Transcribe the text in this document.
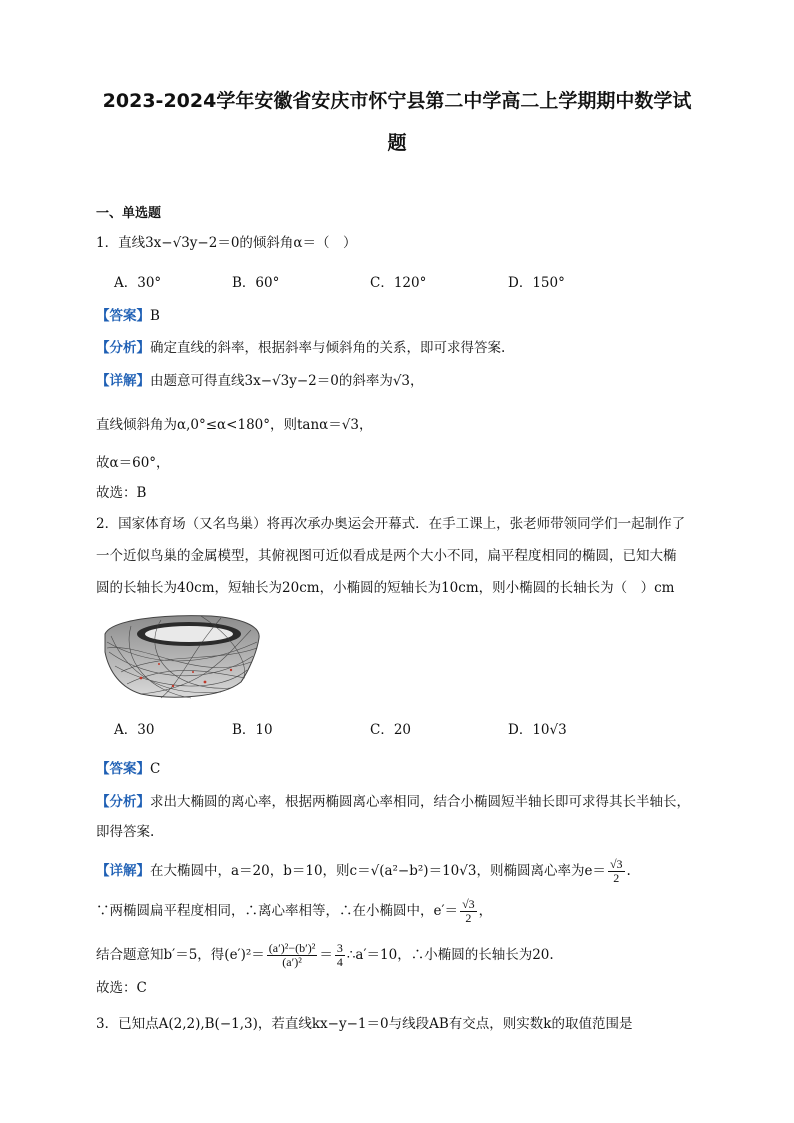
2023-2024学年安徽省安庆市怀宁县第二中学高二上学期期中数学试
题
一、单选题
1．直线3x−√3y−2＝0的倾斜角α＝（　）
A．30°	B．60°	C．120°	D．150°
【答案】B
【分析】确定直线的斜率，根据斜率与倾斜角的关系，即可求得答案.
【详解】由题意可得直线3x−√3y−2＝0的斜率为√3，
直线倾斜角为α,0°≤α<180°，则tanα＝√3，
故α＝60°，
故选：B
2．国家体育场（又名鸟巢）将再次承办奥运会开幕式．在手工课上，张老师带领同学们一起制作了
一个近似鸟巢的金属模型，其俯视图可近似看成是两个大小不同，扁平程度相同的椭圆，已知大椭
圆的长轴长为40cm，短轴长为20cm，小椭圆的短轴长为10cm，则小椭圆的长轴长为（　）cm
A．30	B．10	C．20	D．10√3
【答案】C
【分析】求出大椭圆的离心率，根据两椭圆离心率相同，结合小椭圆短半轴长即可求得其长半轴长，
即得答案.
【详解】在大椭圆中，a＝20，b＝10，则c＝√(a²−b²)＝10√3，则椭圆离心率为$e= \frac{√3}{2}$ .
∵两椭圆扁平程度相同，∴离心率相等，∴在小椭圆中，$e'= \frac{√3}{2}$ ，
结合题意知b′＝5，得$(e')^2= \frac{\text{(a′)²−(b′)²}}{\text{(a′)²}} = \frac{3}{4}$ ∴a′＝10，∴小椭圆的长轴长为20.
故选：C
3．已知点A(2,2),B(−1,3)，若直线kx−y−1＝0与线段AB有交点，则实数k的取值范围是
